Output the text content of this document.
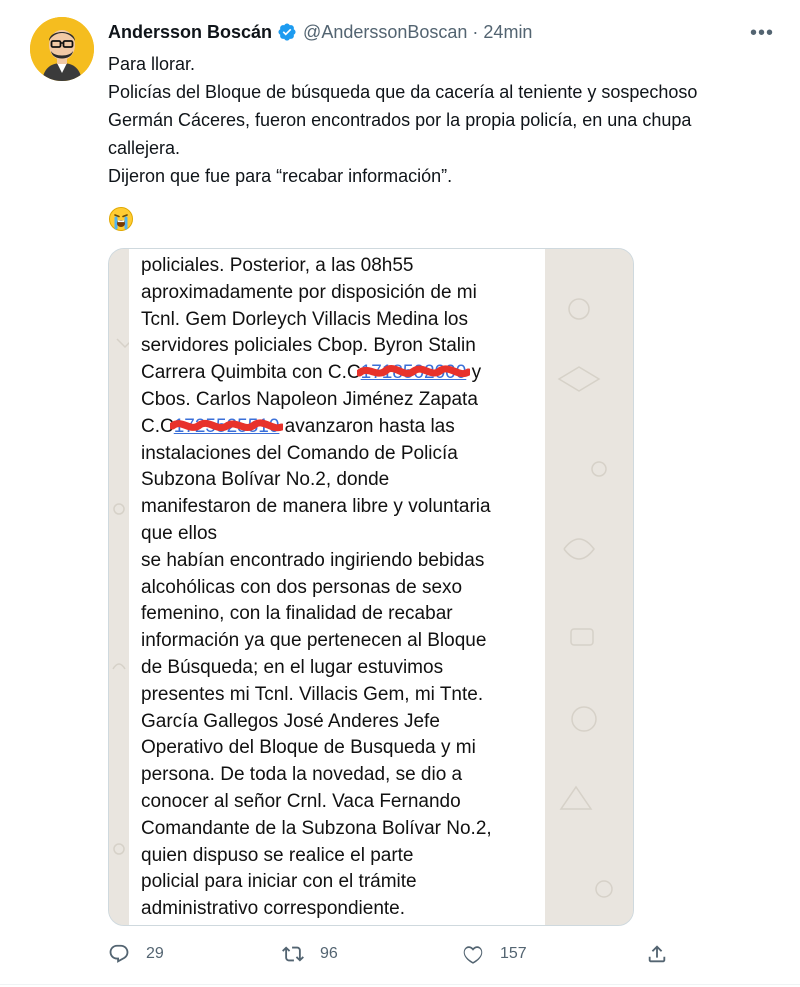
Andersson Boscán @AnderssonBoscan · 24min	•••
Para llorar.
Policías del Bloque de búsqueda que da cacería al teniente y sospechoso
Germán Cáceres, fueron encontrados por la propia policía, en una chupa
callejera.
Dijeron que fue para “recabar información”.
policiales. Posterior, a las 08h55
aproximadamente por disposición de mi
Tcnl. Gem Dorleych Villacis Medina los
servidores policiales Cbop. Byron Stalin
Carrera Quimbita con C.C1718502000
y
Cbos. Carlos Napoleon Jiménez Zapata
C.C1725525510
avanzaron hasta las
instalaciones del Comando de Policía
Subzona Bolívar No.2, donde
manifestaron de manera libre y voluntaria
que ellos
se habían encontrado ingiriendo bebidas
alcohólicas con dos personas de sexo
femenino, con la finalidad de recabar
información ya que pertenecen al Bloque
de Búsqueda; en el lugar estuvimos
presentes mi Tcnl. Villacis Gem, mi Tnte.
García Gallegos José Anderes Jefe
Operativo del Bloque de Busqueda y mi
persona. De toda la novedad, se dio a
conocer al señor Crnl. Vaca Fernando
Comandante de la Subzona Bolívar No.2,
quien dispuso se realice el parte
policial para iniciar con el trámite
administrativo correspondiente.
29	96	157
